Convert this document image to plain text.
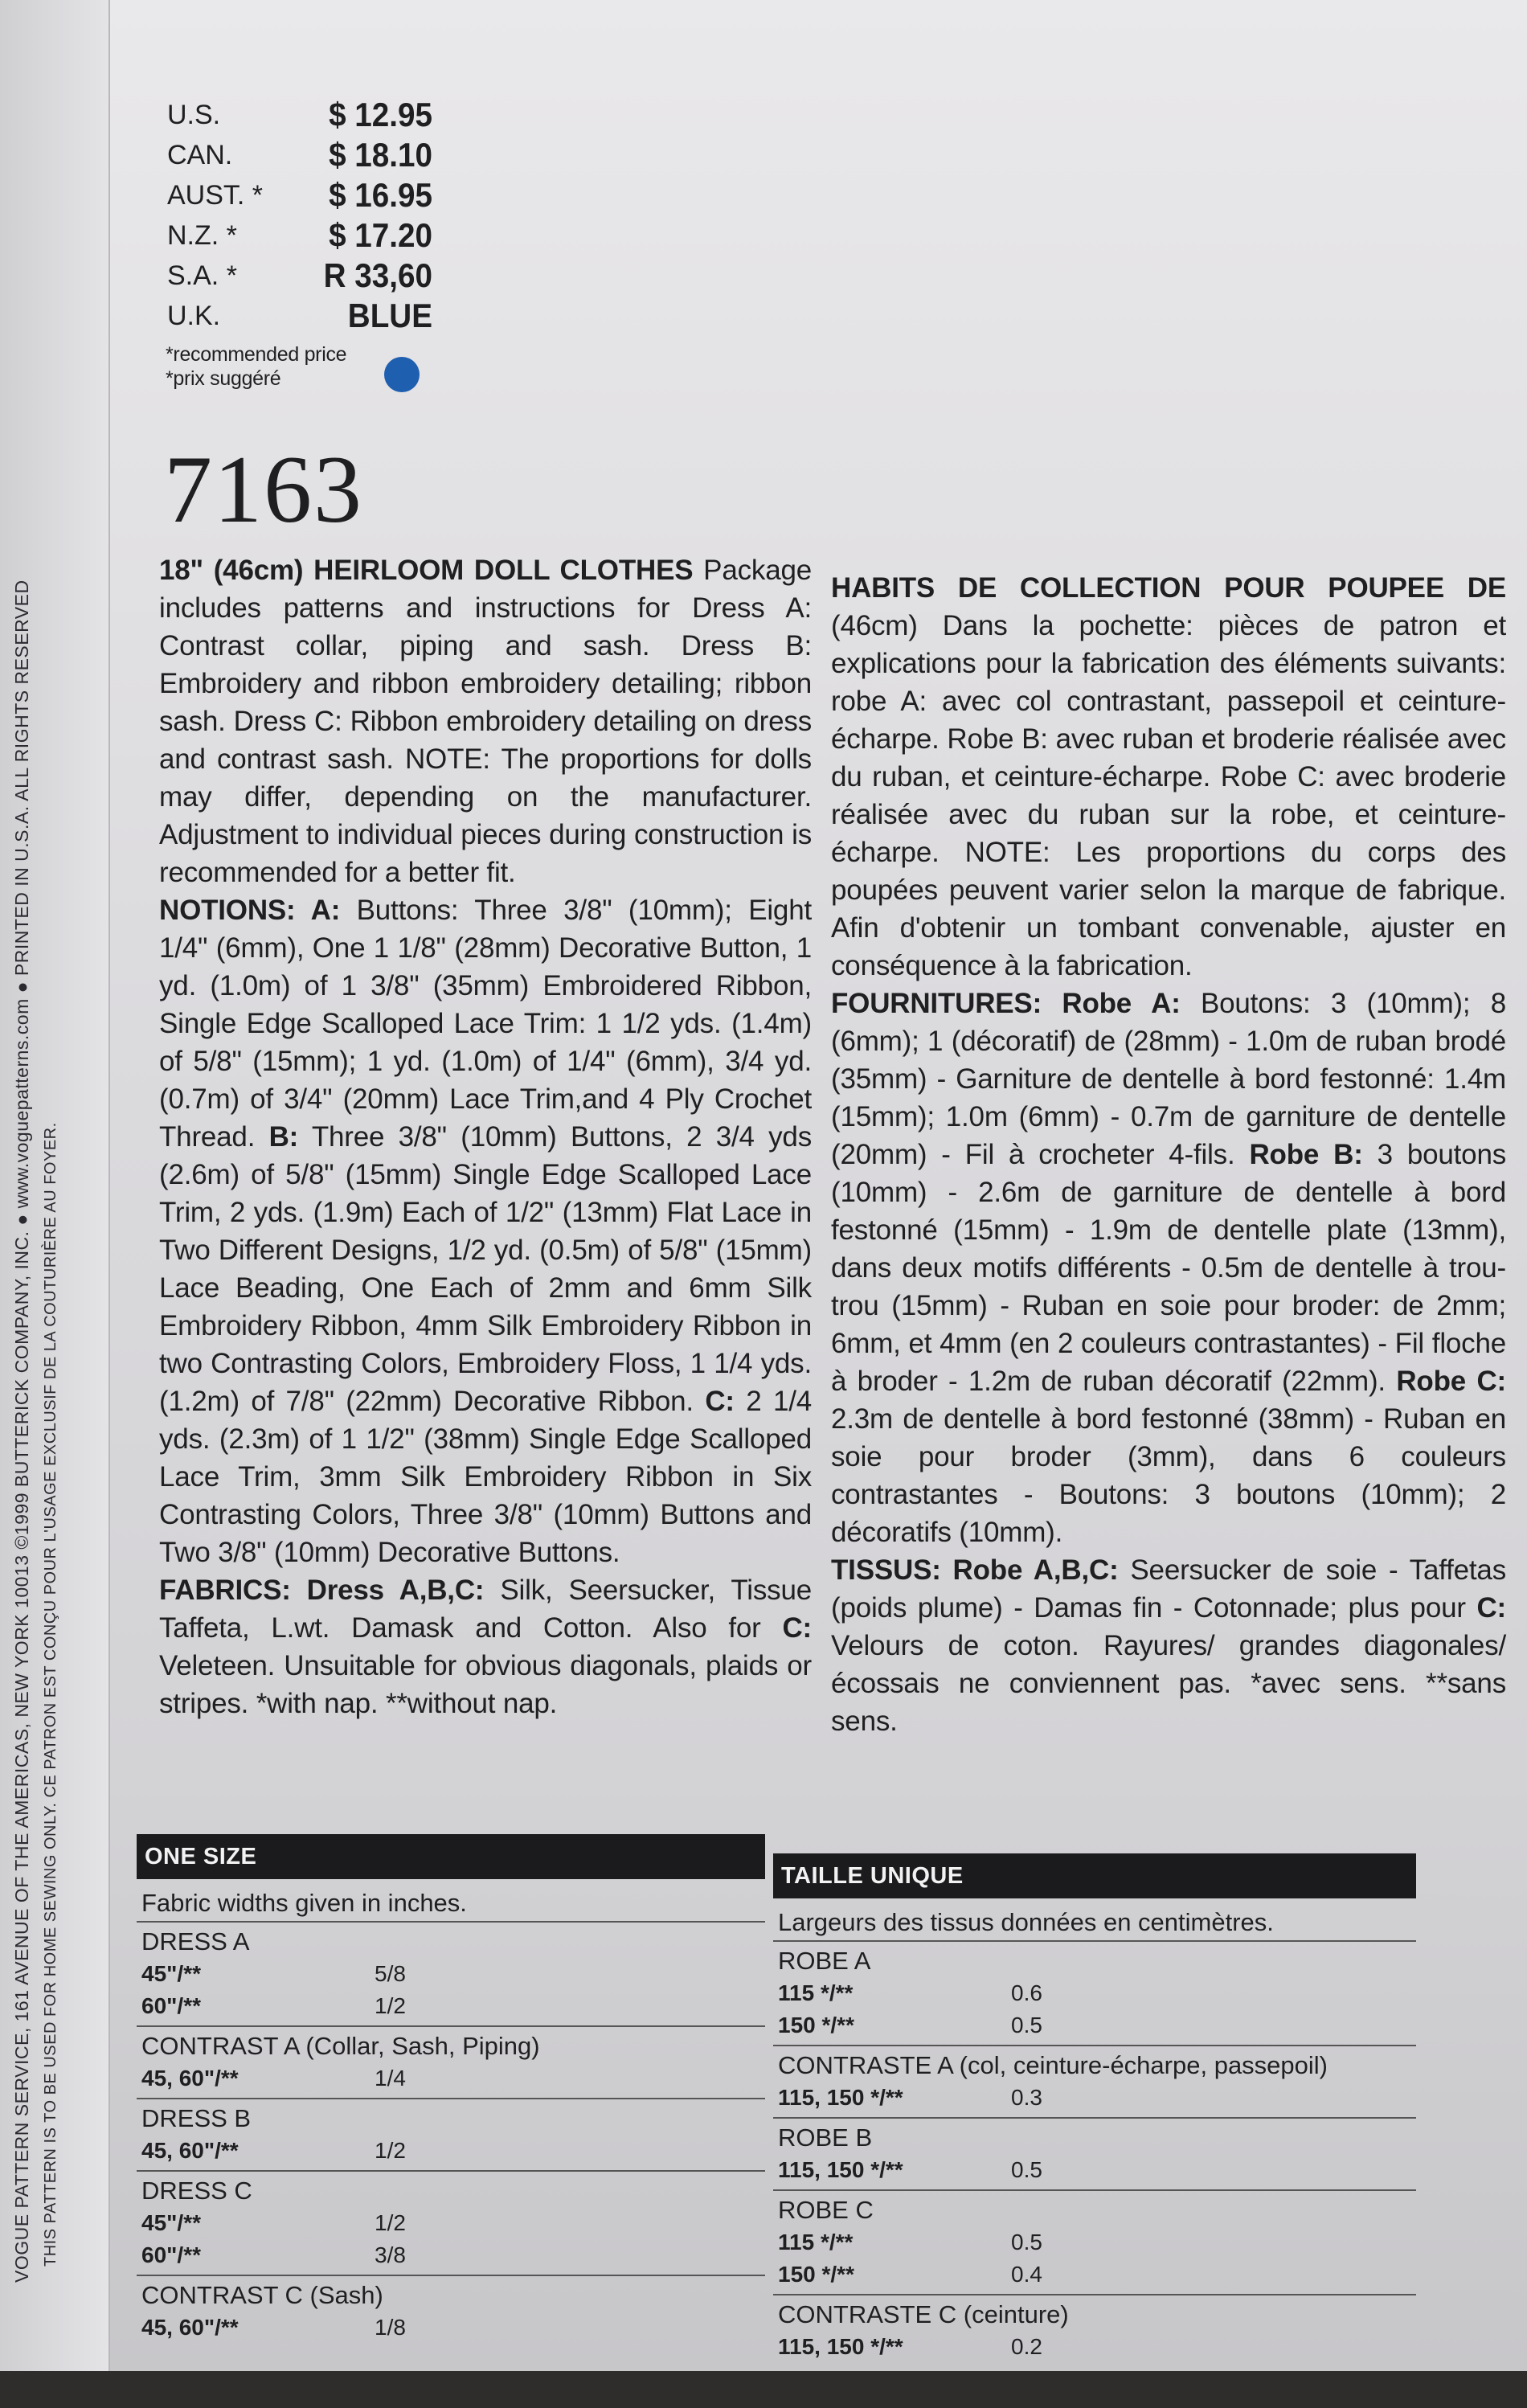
VOGUE PATTERN SERVICE, 161 AVENUE OF THE AMERICAS, NEW YORK 10013 ©1999 BUTTERICK COMPANY, INC. ● www.voguepatterns.com ● PRINTED IN U.S.A. ALL RIGHTS RESERVED THIS PATTERN IS TO BE USED FOR HOME SEWING ONLY. CE PATRON EST CONÇU POUR L'USAGE EXCLUSIF DE LA COUTURIÈRE AU FOYER.
U.S.	$ 12.95
CAN.	$ 18.10
AUST. *	$ 16.95
N.Z. *	$ 17.20
S.A. *	R 33,60
U.K.	BLUE
*recommended price
*prix suggéré
7163

18" (46cm) HEIRLOOM DOLL CLOTHES Package includes patterns and instructions for Dress A: Contrast collar, piping and sash. Dress B: Embroidery and ribbon embroidery detailing; ribbon sash. Dress C: Ribbon embroidery detailing on dress and contrast sash. NOTE: The proportions for dolls may differ, depending on the manufacturer. Adjustment to individual pieces during construction is recommended for a better fit.

NOTIONS: A: Buttons: Three 3/8" (10mm); Eight 1/4" (6mm), One 1 1/8" (28mm) Decorative Button, 1 yd. (1.0m) of 1 3/8" (35mm) Embroidered Ribbon, Single Edge Scalloped Lace Trim: 1 1/2 yds. (1.4m) of 5/8" (15mm); 1 yd. (1.0m) of 1/4" (6mm), 3/4 yd. (0.7m) of 3/4" (20mm) Lace Trim,and 4 Ply Crochet Thread. B: Three 3/8" (10mm) Buttons, 2 3/4 yds (2.6m) of 5/8" (15mm) Single Edge Scalloped Lace Trim, 2 yds. (1.9m) Each of 1/2" (13mm) Flat Lace in Two Different Designs, 1/2 yd. (0.5m) of 5/8" (15mm) Lace Beading, One Each of 2mm and 6mm Silk Embroidery Ribbon, 4mm Silk Embroidery Ribbon in two Contrasting Colors, Embroidery Floss, 1 1/4 yds. (1.2m) of 7/8" (22mm) Decorative Ribbon. C: 2 1/4 yds. (2.3m) of 1 1/2" (38mm) Single Edge Scalloped Lace Trim, 3mm Silk Embroidery Ribbon in Six Contrasting Colors, Three 3/8" (10mm) Buttons and Two 3/8" (10mm) Decorative Buttons.

FABRICS: Dress A,B,C: Silk, Seersucker, Tissue Taffeta, L.wt. Damask and Cotton. Also for C: Veleteen. Unsuitable for obvious diagonals, plaids or stripes. *with nap. **without nap.

HABITS DE COLLECTION POUR POUPEE DE (46cm) Dans la pochette: pièces de patron et explications pour la fabrication des éléments suivants: robe A: avec col contrastant, passepoil et ceinture-écharpe. Robe B: avec ruban et broderie réalisée avec du ruban, et ceinture-écharpe. Robe C: avec broderie réalisée avec du ruban sur la robe, et ceinture-écharpe. NOTE: Les proportions du corps des poupées peuvent varier selon la marque de fabrique. Afin d'obtenir un tombant convenable, ajuster en conséquence à la fabrication.

FOURNITURES: Robe A: Boutons: 3 (10mm); 8 (6mm); 1 (décoratif) de (28mm) - 1.0m de ruban brodé (35mm) - Garniture de dentelle à bord festonné: 1.4m (15mm); 1.0m (6mm) - 0.7m de garniture de dentelle (20mm) - Fil à crocheter 4-fils. Robe B: 3 boutons (10mm) - 2.6m de garniture de dentelle à bord festonné (15mm) - 1.9m de dentelle plate (13mm), dans deux motifs différents - 0.5m de dentelle à trou-trou (15mm) - Ruban en soie pour broder: de 2mm; 6mm, et 4mm (en 2 couleurs contrastantes) - Fil floche à broder - 1.2m de ruban décoratif (22mm). Robe C: 2.3m de dentelle à bord festonné (38mm) - Ruban en soie pour broder (3mm), dans 6 couleurs contrastantes - Boutons: 3 boutons (10mm); 2 décoratifs (10mm).

TISSUS: Robe A,B,C: Seersucker de soie - Taffetas (poids plume) - Damas fin - Cotonnade; plus pour C: Velours de coton. Rayures/ grandes diagonales/écossais ne conviennent pas. *avec sens. **sans sens.

ONE SIZE
Fabric widths given in inches.
DRESS A
45"/**	5/8
60"/**	1/2
CONTRAST A (Collar, Sash, Piping)
45, 60"/**	1/4
DRESS B
45, 60"/**	1/2
DRESS C
45"/**	1/2
60"/**	3/8
CONTRAST C (Sash)
45, 60"/**	1/8
TAILLE UNIQUE
Largeurs des tissus données en centimètres.
ROBE A
115 */**	0.6
150 */**	0.5
CONTRASTE A (col, ceinture-écharpe, passepoil)
115, 150 */**	0.3
ROBE B
115, 150 */**	0.5
ROBE C
115 */**	0.5
150 */**	0.4
CONTRASTE C (ceinture)
115, 150 */**	0.2
